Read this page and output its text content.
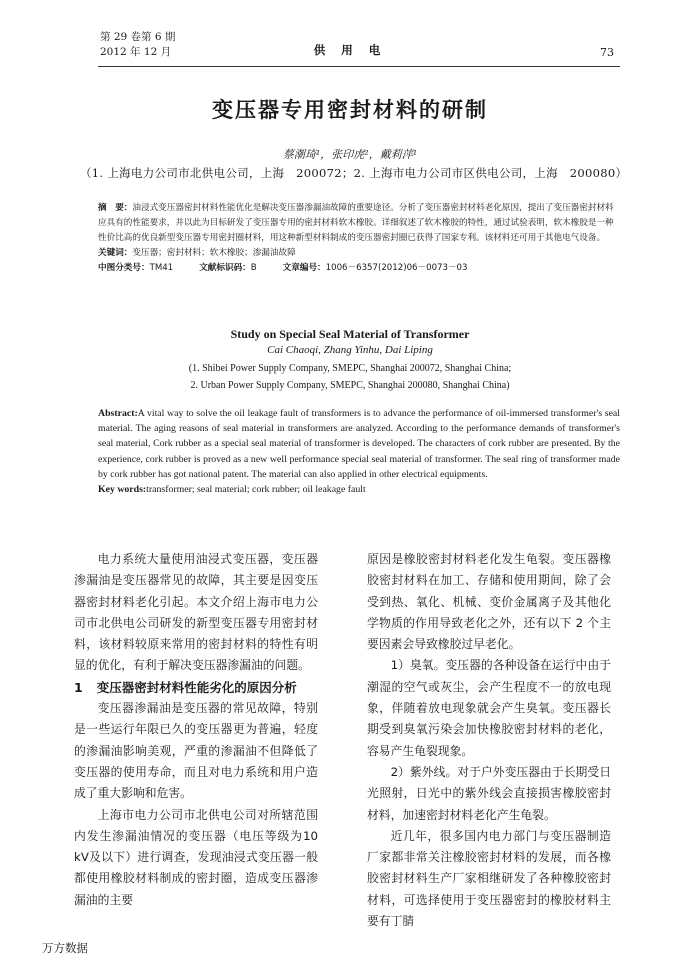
第 29 卷第 6 期
2012 年 12 月	供 用 电	73
变压器专用密封材料的研制
蔡潮琦¹，张印虎²，戴莉萍¹
（1. 上海电力公司市北供电公司，上海　200072；2. 上海市电力公司市区供电公司，上海　200080）

摘　要：油浸式变压器密封材料性能优化是解决变压器渗漏油故障的重要途径。分析了变压器密封材料老化原因，提出了变压器密封材料应具有的性能要求，并以此为目标研发了变压器专用的密封材料软木橡胶。详细叙述了软木橡胶的特性，通过试验表明，软木橡胶是一种性价比高的优良新型变压器专用密封圈材料，用这种新型材料制成的变压器密封圈已获得了国家专利。该材料还可用于其他电气设备。

关键词：变压器；密封材料；软木橡胶；渗漏油故障

中图分类号：TM41	文献标识码：B	文章编号：1006－6357(2012)06－0073－03

Study on Special Seal Material of Transformer
Cai Chaoqi, Zhang Yinhu, Dai Liping
(1. Shibei Power Supply Company, SMEPC, Shanghai 200072, Shanghai China;
2. Urban Power Supply Company, SMEPC, Shanghai 200080, Shanghai China)

Abstract:A vital way to solve the oil leakage fault of transformers is to advance the performance of oil-immersed transformer's seal material. The aging reasons of seal material in transformers are analyzed. According to the performance demands of transformer's seal material, Cork rubber as a special seal material of transformer is developed. The characters of cork rubber are presented. By the experience, cork rubber is proved as a new well performance special seal material of transformer. The seal ring of transformer made by cork rubber has got national patent. The material can also applied in other electrical equipments.

Key words:transformer; seal material; cork rubber; oil leakage fault

电力系统大量使用油浸式变压器，变压器渗漏油是变压器常见的故障，其主要是因变压器密封材料老化引起。本文介绍上海市电力公司市北供电公司研发的新型变压器专用密封材料，该材料较原来常用的密封材料的特性有明显的优化，有利于解决变压器渗漏油的问题。

1 变压器密封材料性能劣化的原因分析

变压器渗漏油是变压器的常见故障，特别是一些运行年限已久的变压器更为普遍，轻度的渗漏油影响美观，严重的渗漏油不但降低了变压器的使用寿命，而且对电力系统和用户造成了重大影响和危害。

上海市电力公司市北供电公司对所辖范围内发生渗漏油情况的变压器（电压等级为10 kV及以下）进行调查，发现油浸式变压器一般都使用橡胶材料制成的密封圈，造成变压器渗漏油的主要

原因是橡胶密封材料老化发生龟裂。变压器橡胶密封材料在加工、存储和使用期间，除了会受到热、氧化、机械、变价金属离子及其他化学物质的作用导致老化之外，还有以下 2 个主要因素会导致橡胶过早老化。

1）臭氧。变压器的各种设备在运行中由于潮湿的空气或灰尘，会产生程度不一的放电现象，伴随着放电现象就会产生臭氧。变压器长期受到臭氧污染会加快橡胶密封材料的老化，容易产生龟裂现象。

2）紫外线。对于户外变压器由于长期受日光照射，日光中的紫外线会直接损害橡胶密封材料，加速密封材料老化产生龟裂。

近几年，很多国内电力部门与变压器制造厂家都非常关注橡胶密封材料的发展，而各橡胶密封材料生产厂家相继研发了各种橡胶密封材料，可选择使用于变压器密封的橡胶材料主要有丁腈

万方数据
